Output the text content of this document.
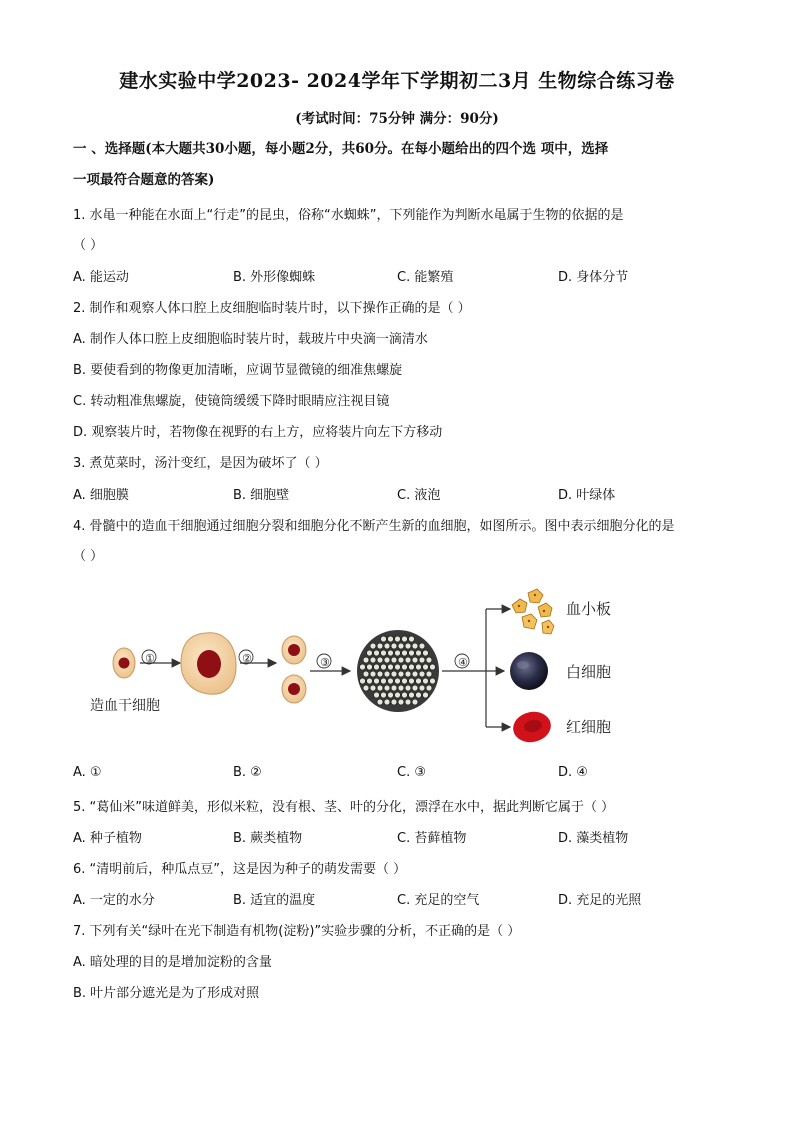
建水实验中学2023- 2024学年下学期初二3月 生物综合练习卷
(考试时间：75分钟 满分：90分)
一 、选择题(本大题共30小题，每小题2分，共60分。在每小题给出的四个选 项中，选择
一项最符合题意的答案)
1. 水黾一种能在水面上“行走”的昆虫，俗称“水蜘蛛”，下列能作为判断水黾属于生物的依据的是
（ ）
A. 能运动	B. 外形像蜘蛛	C. 能繁殖	D. 身体分节
2. 制作和观察人体口腔上皮细胞临时装片时，以下操作正确的是（ ）
A. 制作人体口腔上皮细胞临时装片时，载玻片中央滴一滴清水
B. 要使看到的物像更加清晰，应调节显微镜的细准焦螺旋
C. 转动粗准焦螺旋，使镜筒缓缓下降时眼睛应注视目镜
D. 观察装片时，若物像在视野的右上方，应将装片向左下方移动
3. 煮苋菜时，汤汁变红，是因为破坏了（ ）
A. 细胞膜	B. 细胞壁	C. 液泡	D. 叶绿体
4. 骨髓中的造血干细胞通过细胞分裂和细胞分化不断产生新的血细胞，如图所示。图中表示细胞分化的是
（ ）
造血干细胞
①	②	③	④
血小板
白细胞
红细胞
A. ①	B. ②	C. ③	D. ④
5. “葛仙米”味道鲜美，形似米粒，没有根、茎、叶的分化，漂浮在水中，据此判断它属于（ ）
A. 种子植物	B. 蕨类植物	C. 苔藓植物	D. 藻类植物
6. “清明前后，种瓜点豆”，这是因为种子的萌发需要（ ）
A. 一定的水分	B. 适宜的温度	C. 充足的空气	D. 充足的光照
7. 下列有关“绿叶在光下制造有机物(淀粉)”实验步骤的分析，不正确的是（ ）
A. 暗处理的目的是增加淀粉的含量
B. 叶片部分遮光是为了形成对照
